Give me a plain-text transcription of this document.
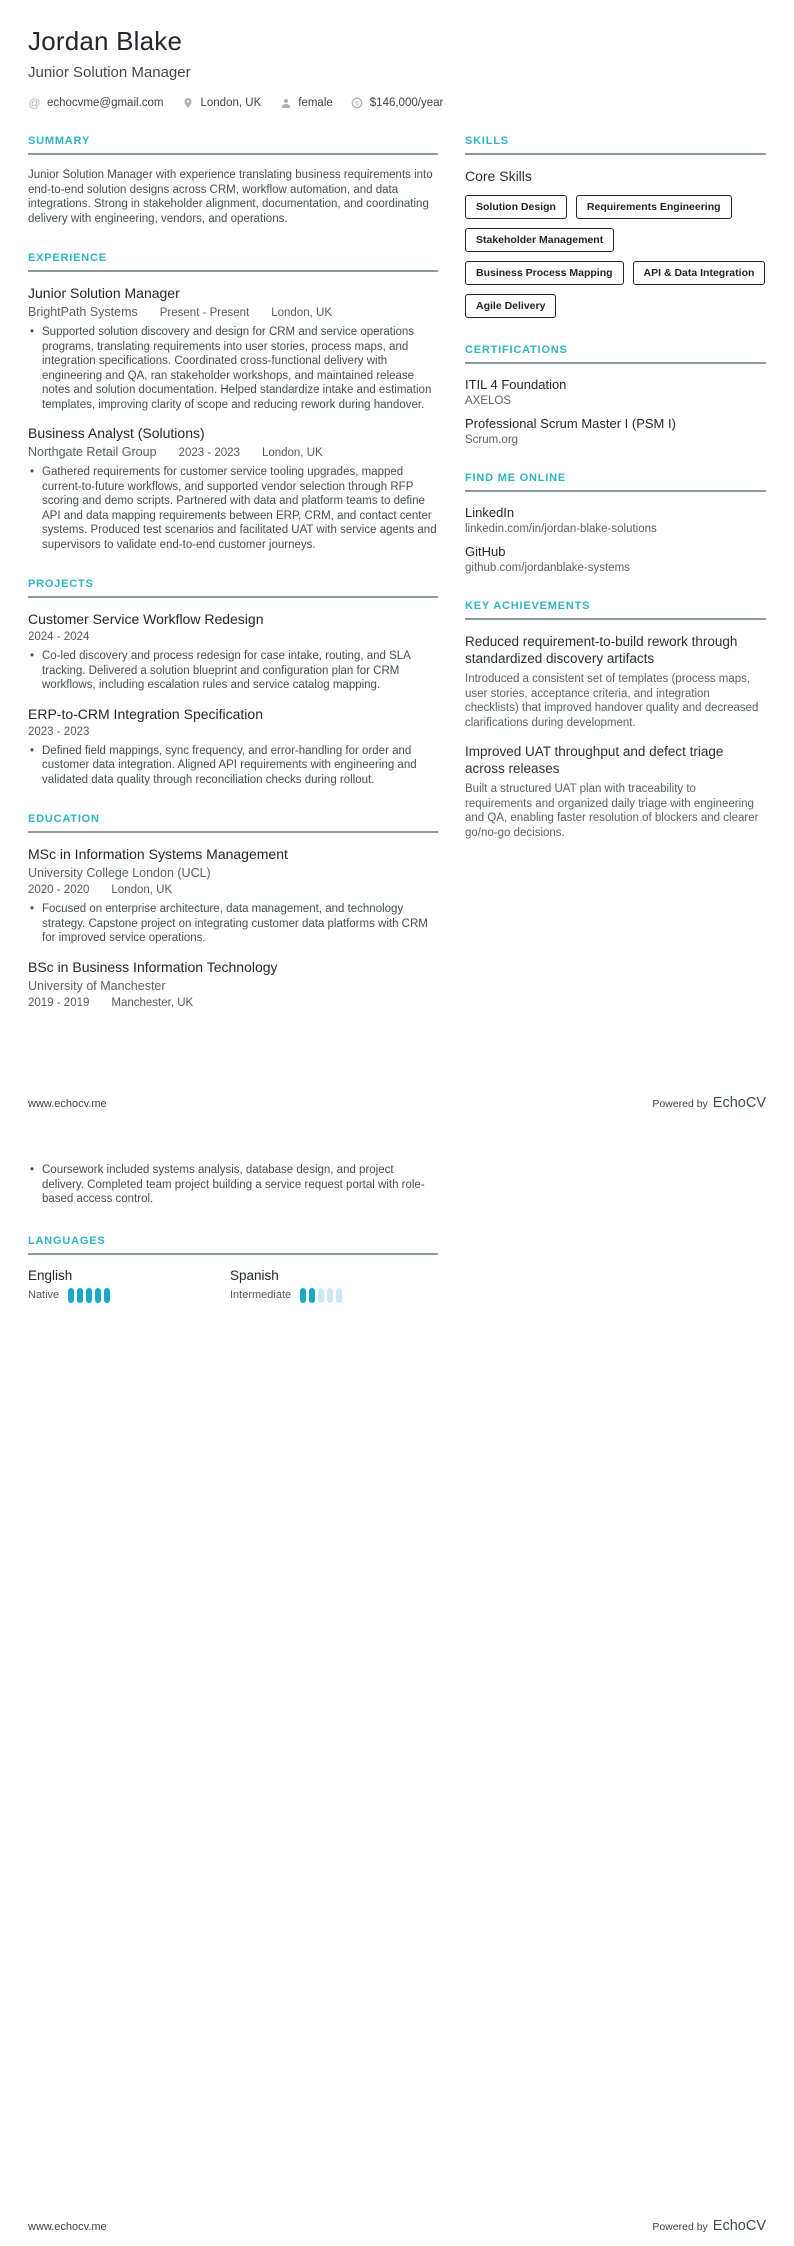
Jordan Blake
Junior Solution Manager
@ echocvme@gmail.com	London, UK	female $ $146,000/year
SUMMARY

Junior Solution Manager with experience translating business requirements into end-to-end solution designs across CRM, workflow automation, and data integrations. Strong in stakeholder alignment, documentation, and coordinating delivery with engineering, vendors, and operations.

EXPERIENCE
Junior Solution Manager
BrightPath Systems Present - Present London, UK
• Supported solution discovery and design for CRM and service operations programs, translating requirements into user stories, process maps, and integration specifications. Coordinated cross-functional delivery with engineering and QA, ran stakeholder workshops, and maintained release notes and solution documentation. Helped standardize intake and estimation templates, improving clarity of scope and reducing rework during handover.
Business Analyst (Solutions)
Northgate Retail Group 2023 - 2023 London, UK
• Gathered requirements for customer service tooling upgrades, mapped current-to-future workflows, and supported vendor selection through RFP scoring and demo scripts. Partnered with data and platform teams to define API and data mapping requirements between ERP, CRM, and contact center systems. Produced test scenarios and facilitated UAT with service agents and supervisors to validate end-to-end customer journeys.
PROJECTS
Customer Service Workflow Redesign
2024 - 2024
• Co-led discovery and process redesign for case intake, routing, and SLA tracking. Delivered a solution blueprint and configuration plan for CRM workflows, including escalation rules and service catalog mapping.
ERP-to-CRM Integration Specification
2023 - 2023
• Defined field mappings, sync frequency, and error-handling for order and customer data integration. Aligned API requirements with engineering and validated data quality through reconciliation checks during rollout.
EDUCATION
MSc in Information Systems Management
University College London (UCL)
2020 - 2020 London, UK
• Focused on enterprise architecture, data management, and technology strategy. Capstone project on integrating customer data platforms with CRM for improved service operations.
BSc in Business Information Technology
University of Manchester
2019 - 2019 Manchester, UK
SKILLS
Core Skills
Solution Design	Requirements Engineering
Stakeholder Management
Business Process Mapping	API & Data Integration
Agile Delivery
CERTIFICATIONS
ITIL 4 Foundation
AXELOS
Professional Scrum Master I (PSM I)
Scrum.org
FIND ME ONLINE
LinkedIn
linkedin.com/in/jordan-blake-solutions
GitHub
github.com/jordanblake-systems
KEY ACHIEVEMENTS
Reduced requirement-to-build rework through standardized discovery artifacts
Introduced a consistent set of templates (process maps, user stories, acceptance criteria, and integration checklists) that improved handover quality and decreased clarifications during development.
Improved UAT throughput and defect triage across releases
Built a structured UAT plan with traceability to requirements and organized daily triage with engineering and QA, enabling faster resolution of blockers and clearer go/no-go decisions.
www.echocv.me	Powered by EchoCV
• Coursework included systems analysis, database design, and project delivery. Completed team project building a service request portal with role-based access control.
LANGUAGES
English
Native
Spanish
Intermediate
www.echocv.me	Powered by EchoCV
